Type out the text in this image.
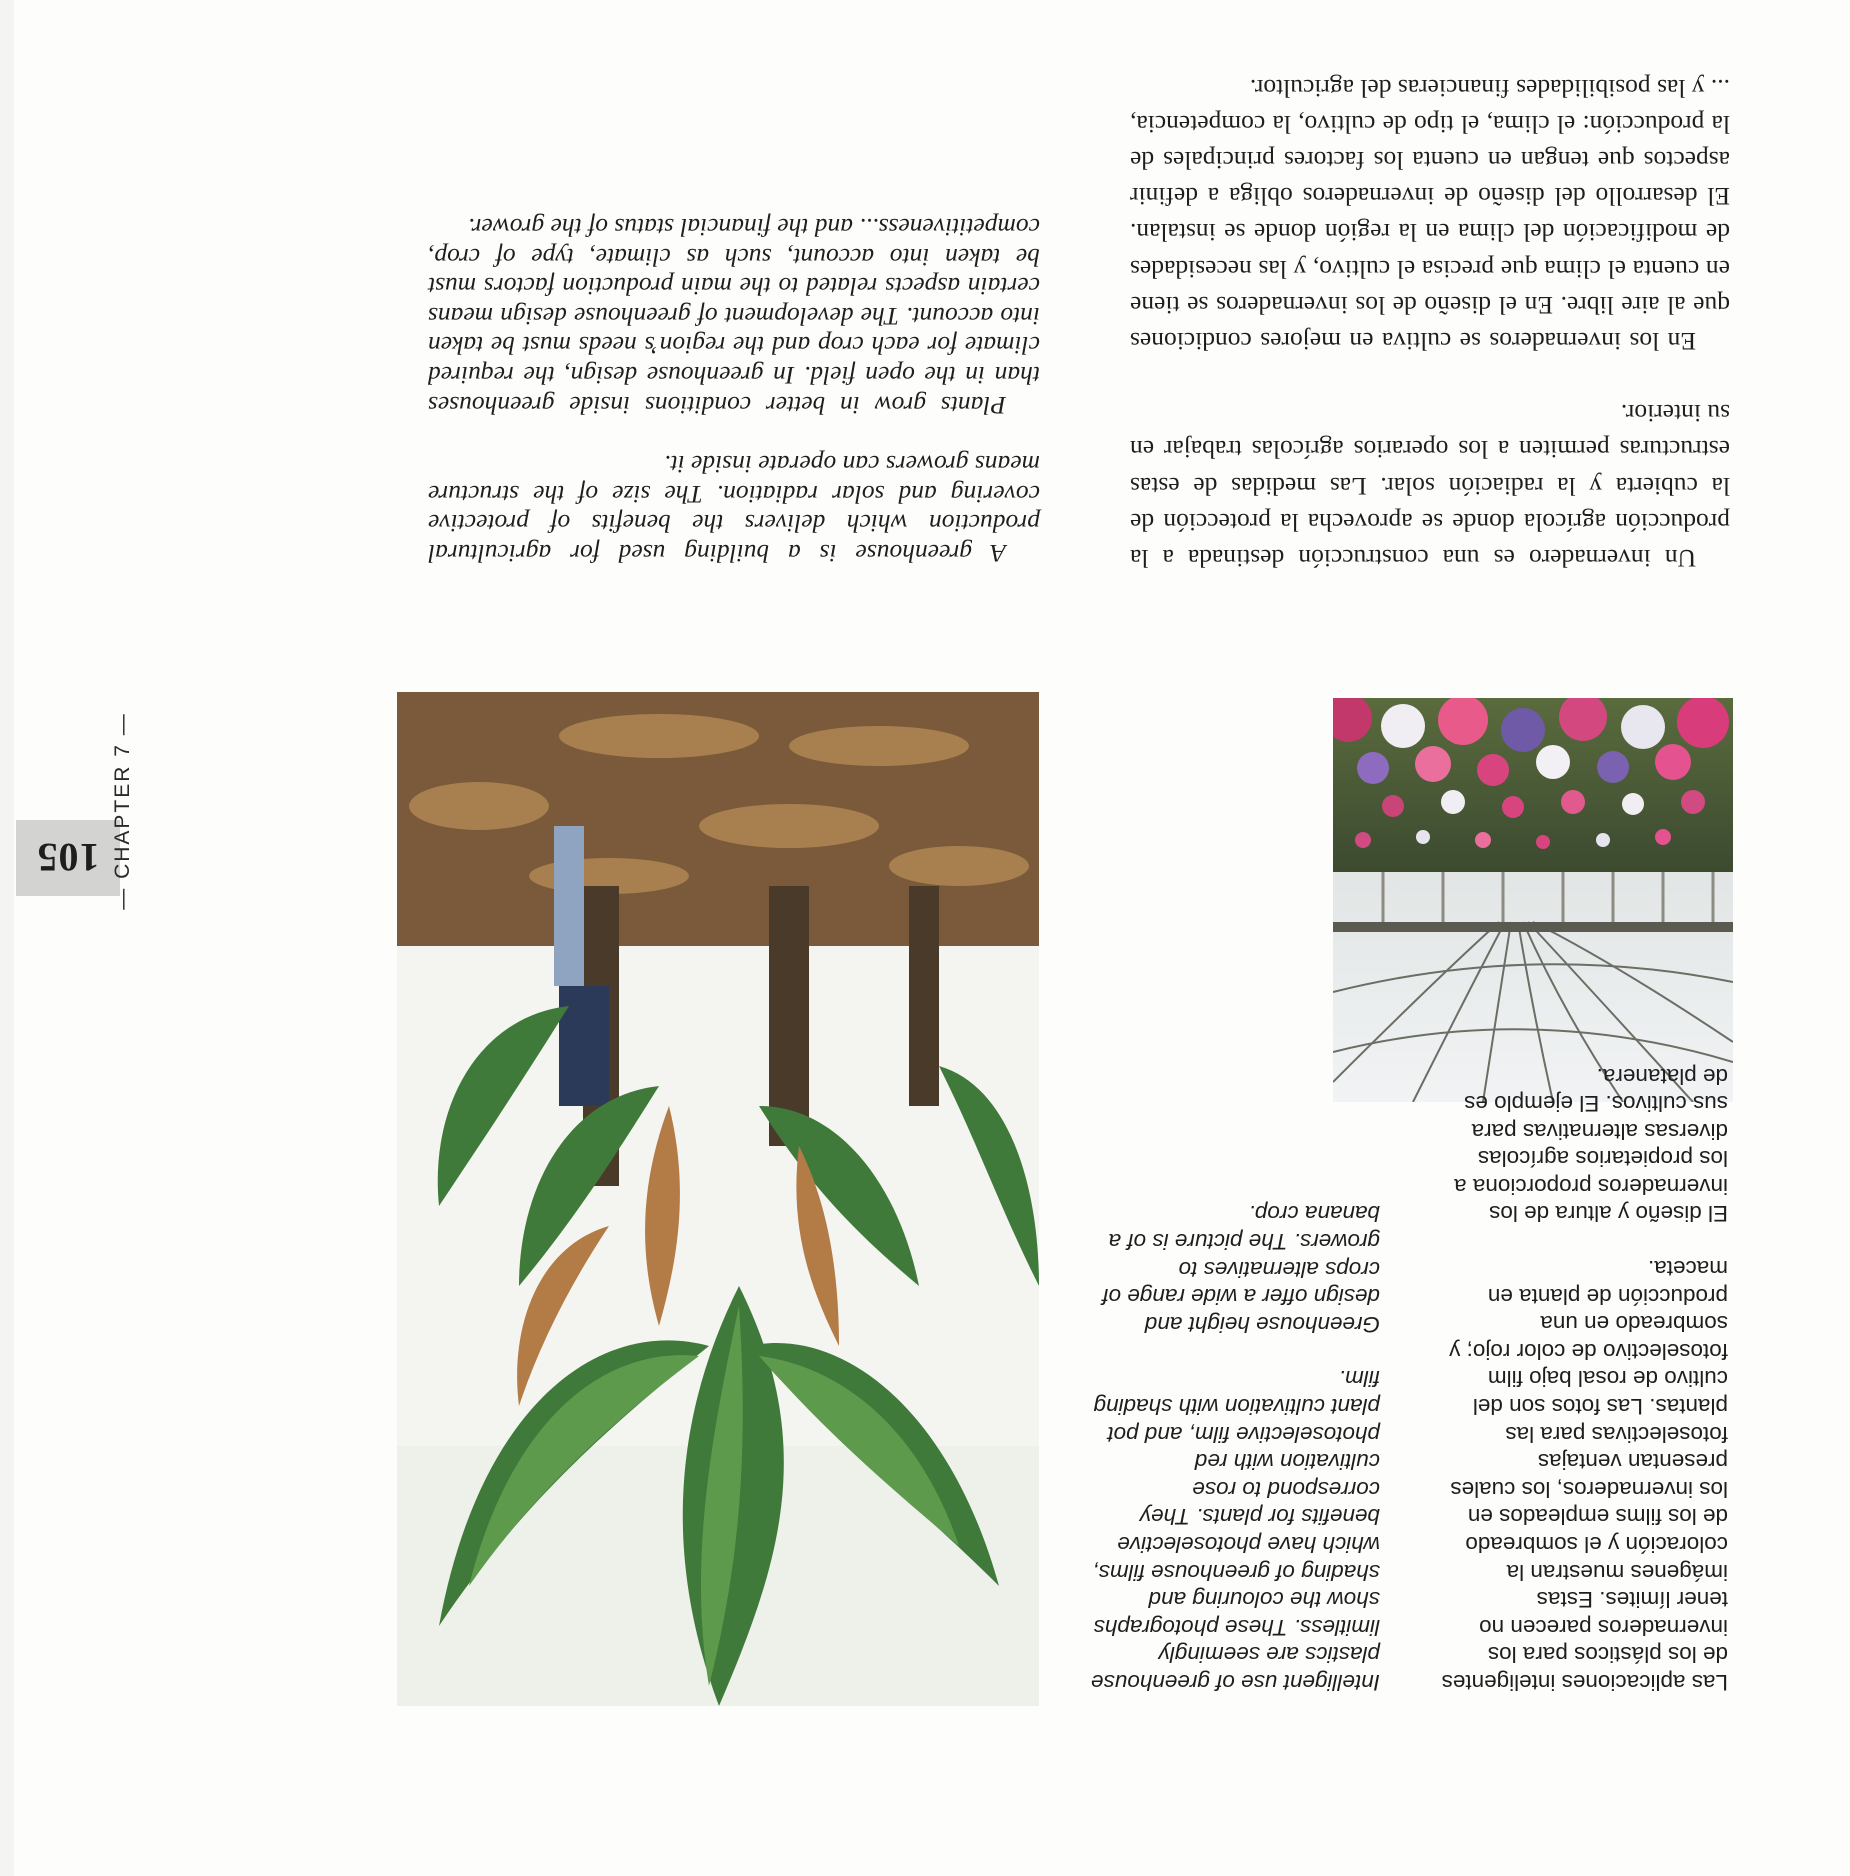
Un invernadero es una construcción destinada a la producción agrícola donde se aprovecha la protección de la cubierta y la radiación solar. Las medidas de estas estructuras permiten a los operarios agrícolas trabajar en su interior.

En los invernaderos se cultiva en mejores condiciones que al aire libre. En el diseño de los invernaderos se tiene en cuenta el clima que precisa el cultivo, y las necesidades de modificación del clima en la región donde se instalan. El desarrollo del diseño de invernaderos obliga a definir aspectos que tengan en cuenta los factores principales de la producción: el clima, el tipo de cultivo, la competencia, ... y las posibilidades financieras del agricultor.

A greenhouse is a building used for agricultural production which delivers the benefits of protective covering and solar radiation. The size of the structure means growers can operate inside it.

Plants grow in better conditions inside greenhouses than in the open field. In greenhouse design, the required climate for each crop and the region’s needs must be taken into account. The development of greenhouse design means certain aspects related to the main production factors must be taken into account, such as climate, type of crop, competitiveness... and the financial status of the grower.

Las aplicaciones inteligentes de los plásticos para los invernaderos parecen no tener límites. Estas imágenes muestran la coloración y el sombreado de los films empleados en los invernaderos, los cuales presentan ventajas fotoselectivas para las plantas. Las fotos son del cultivo de rosal bajo film fotoselectivo de color rojo; y sombreado en una producción de planta en maceta.

El diseño y altura de los invernaderos proporciona a los propietarios agrícolas diversas alternativas para sus cultivos. El ejemplo es de platanera.

Intelligent use of greenhouse plastics are seemingly limitless. These photographs show the colouring and shading of greenhouse films, which have photoselective benefits for plants. They correspond to rose cultivation with red photoselective film, and pot plant cultivation with shading film.

Greenhouse height and design offer a wide range of crops alternatives to growers. The picture is of a banana crop.

105 — CHAPTER 7 —
